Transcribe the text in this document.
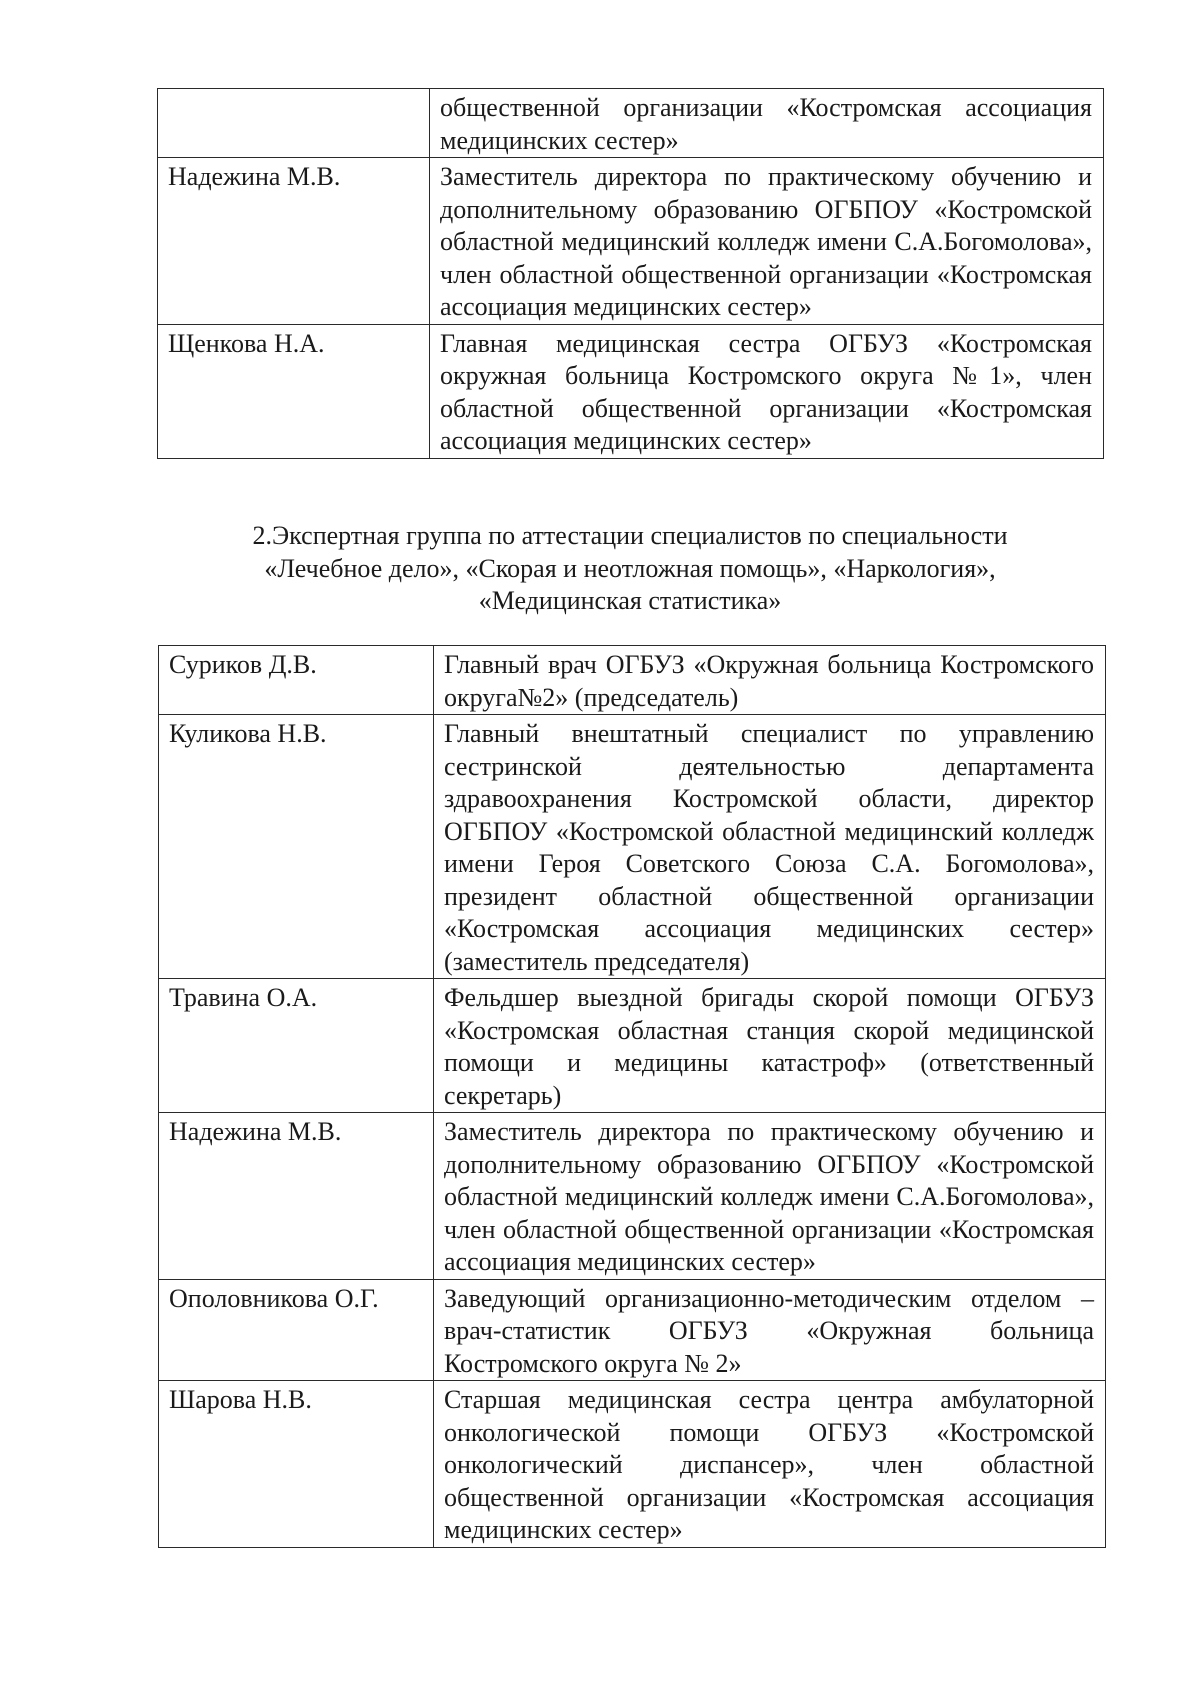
	общественной организации «Костромская ассоциация медицинских сестер»
Надежина М.В.	Заместитель директора по практическому обучению и дополнительному образованию ОГБПОУ «Костромской областной медицинский колледж имени С.А.Богомолова», член областной общественной организации «Костромская ассоциация медицинских сестер»
Щенкова Н.А.	Главная медицинская сестра ОГБУЗ «Костромская окружная больница Костромского округа №1», член областной общественной организации «Костромская ассоциация медицинских сестер»
2.Экспертная группа по аттестации специалистов по специальности
«Лечебное дело», «Скорая и неотложная помощь», «Наркология»,
«Медицинская статистика»
Суриков Д.В.	Главный врач ОГБУЗ «Окружная больница Костромского округа№2» (председатель)
Куликова Н.В.	Главный внештатный специалист по управлению сестринской деятельностью департамента здравоохранения Костромской области, директор ОГБПОУ «Костромской областной медицинский колледж имени Героя Советского Союза С.А. Богомолова», президент областной общественной организации «Костромская ассоциация медицинских сестер» (заместитель председателя)
Травина О.А.	Фельдшер выездной бригады скорой помощи ОГБУЗ «Костромская областная станция скорой медицинской помощи и медицины катастроф» (ответственный секретарь)
Надежина М.В.	Заместитель директора по практическому обучению и дополнительному образованию ОГБПОУ «Костромской областной медицинский колледж имени С.А.Богомолова», член областной общественной организации «Костромская ассоциация медицинских сестер»
Ополовникова О.Г.	Заведующий организационно-методическим отделом – врач-статистик ОГБУЗ «Окружная больница Костромского округа № 2»
Шарова Н.В.	Старшая медицинская сестра центра амбулаторной онкологической помощи ОГБУЗ «Костромской онкологический диспансер», член областной общественной организации «Костромская ассоциация медицинских сестер»
